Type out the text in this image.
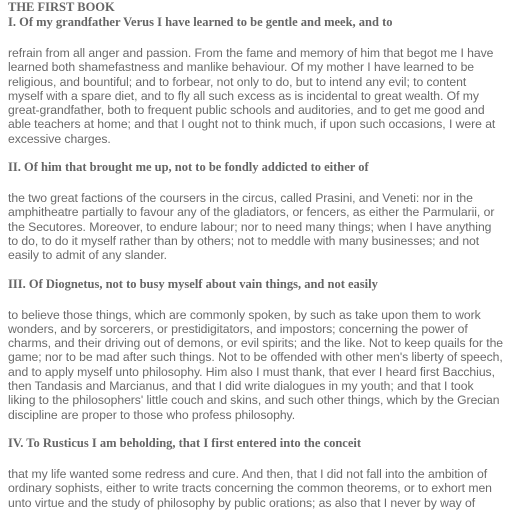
THE FIRST BOOK
I. Of my grandfather Verus I have learned to be gentle and meek, and to

refrain from all anger and passion. From the fame and memory of him that begot me I have learned both shamefastness and manlike behaviour. Of my mother I have learned to be religious, and bountiful; and to forbear, not only to do, but to intend any evil; to content myself with a spare diet, and to fly all such excess as is incidental to great wealth. Of my great-grandfather, both to frequent public schools and auditories, and to get me good and able teachers at home; and that I ought not to think much, if upon such occasions, I were at excessive charges.

II. Of him that brought me up, not to be fondly addicted to either of

the two great factions of the coursers in the circus, called Prasini, and Veneti: nor in the amphitheatre partially to favour any of the gladiators, or fencers, as either the Parmularii, or the Secutores. Moreover, to endure labour; nor to need many things; when I have anything to do, to do it myself rather than by others; not to meddle with many businesses; and not easily to admit of any slander.

III. Of Diognetus, not to busy myself about vain things, and not easily

to believe those things, which are commonly spoken, by such as take upon them to work wonders, and by sorcerers, or prestidigitators, and impostors; concerning the power of charms, and their driving out of demons, or evil spirits; and the like. Not to keep quails for the game; nor to be mad after such things. Not to be offended with other men's liberty of speech, and to apply myself unto philosophy. Him also I must thank, that ever I heard first Bacchius, then Tandasis and Marcianus, and that I did write dialogues in my youth; and that I took liking to the philosophers' little couch and skins, and such other things, which by the Grecian discipline are proper to those who profess philosophy.

IV. To Rusticus I am beholding, that I first entered into the conceit

that my life wanted some redress and cure. And then, that I did not fall into the ambition of ordinary sophists, either to write tracts concerning the common theorems, or to exhort men unto virtue and the study of philosophy by public orations; as also that I never by way of
